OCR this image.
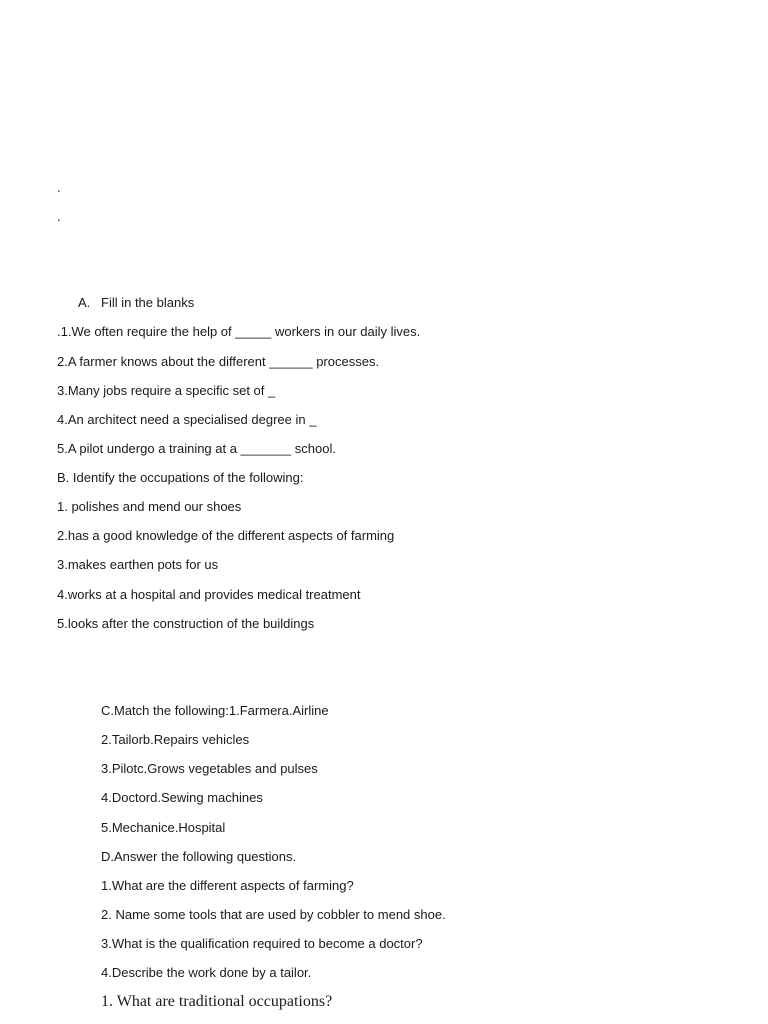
.
.
A. Fill in the blanks
.1.We often require the help of _____ workers in our daily lives.
2.A farmer knows about the different ______ processes.
3.Many jobs require a specific set of _
4.An architect need a specialised degree in _
5.A pilot undergo a training at a _______ school.
B. Identify the occupations of the following:
1. polishes and mend our shoes
2.has a good knowledge of the different aspects of farming
3.makes earthen pots for us
4.works at a hospital and provides medical treatment
5.looks after the construction of the buildings
C.Match the following:1.Farmera.Airline
2.Tailorb.Repairs vehicles
3.Pilotc.Grows vegetables and pulses
4.Doctord.Sewing machines
5.Mechanice.Hospital
D.Answer the following questions.
1.What are the different aspects of farming?
2. Name some tools that are used by cobbler to mend shoe.
3.What is the qualification required to become a doctor?
4.Describe the work done by a tailor.
1. What are traditional occupations?
